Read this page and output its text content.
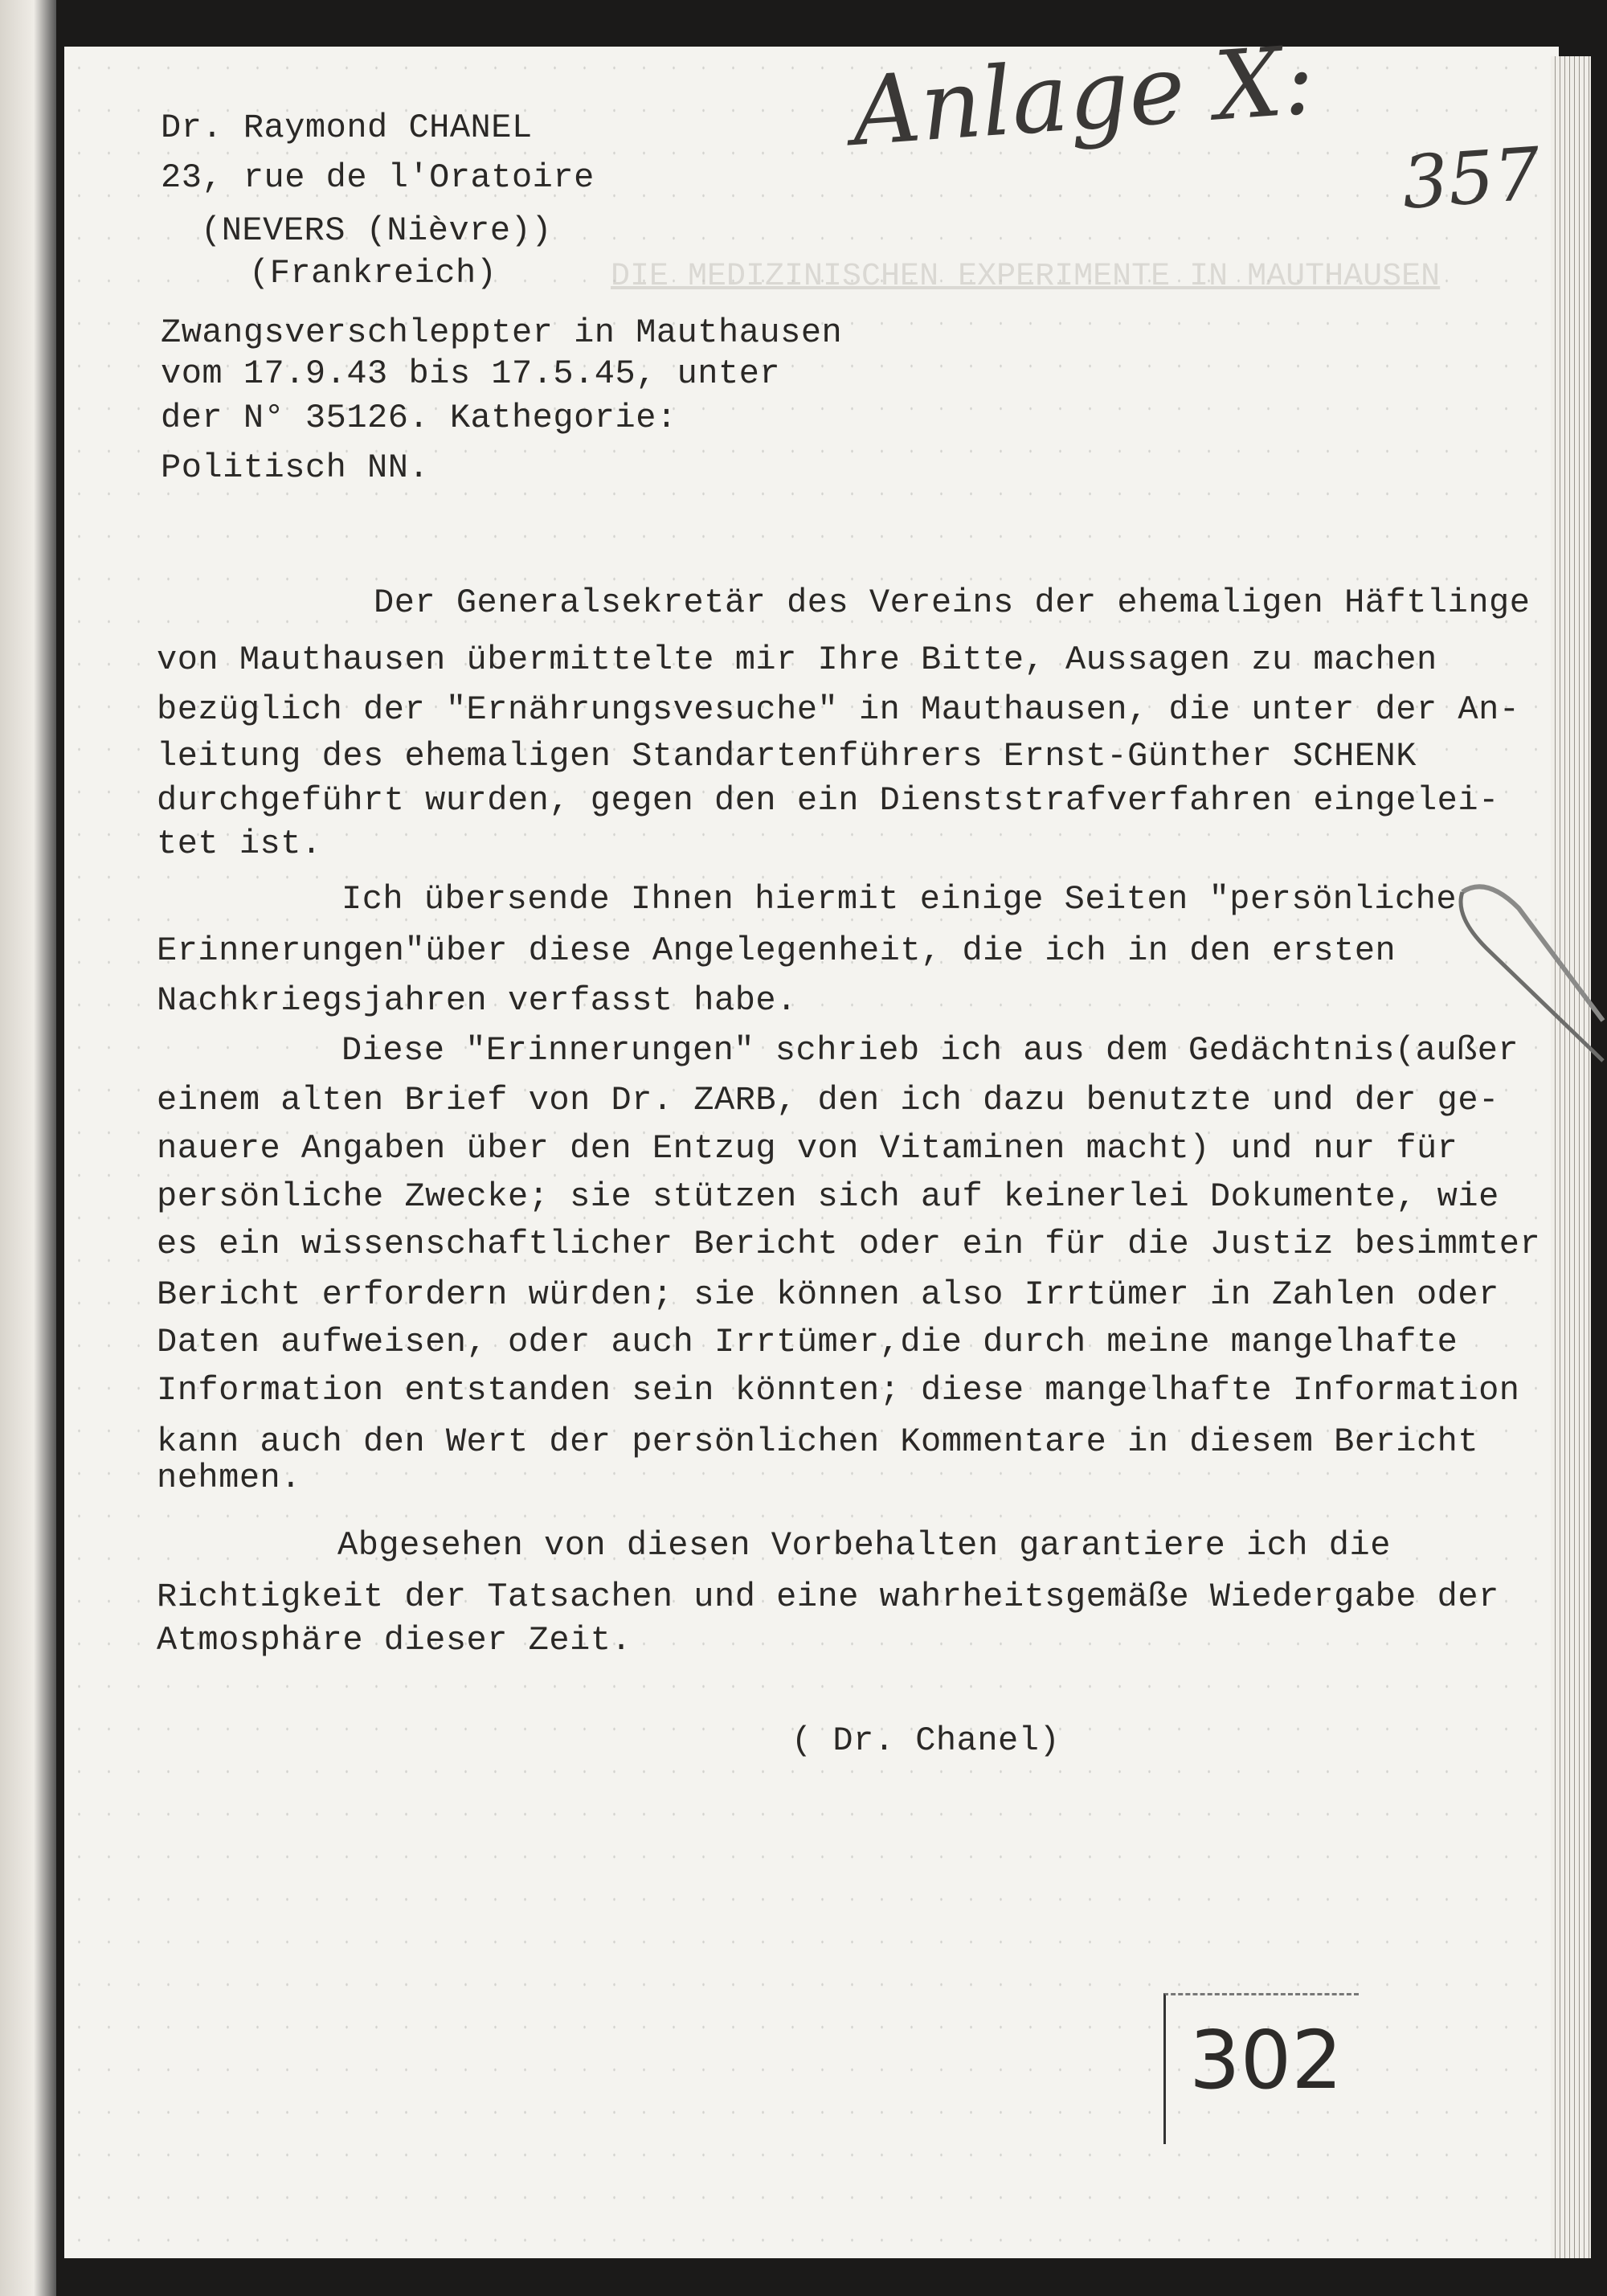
DIE MEDIZINISCHEN EXPERIMENTE IN MAUTHAUSEN
Anlage X:
357
Dr. Raymond CHANEL
23, rue de l'Oratoire
(NEVERS (Nièvre))
(Frankreich)
Zwangsverschleppter in Mauthausen
vom 17.9.43 bis 17.5.45, unter
der N° 35126. Kathegorie:
Politisch NN.
Der Generalsekretär des Vereins der ehemaligen Häftlinge
von Mauthausen übermittelte mir Ihre Bitte, Aussagen zu machen
bezüglich der "Ernährungsvesuche" in Mauthausen, die unter der An-
leitung des ehemaligen Standartenführers Ernst-Günther SCHENK
durchgeführt wurden, gegen den ein Dienststrafverfahren eingelei-
tet ist.
Ich übersende Ihnen hiermit einige Seiten "persönliche
Erinnerungen"über diese Angelegenheit, die ich in den ersten
Nachkriegsjahren verfasst habe.
Diese "Erinnerungen" schrieb ich aus dem Gedächtnis(außer
einem alten Brief von Dr. ZARB, den ich dazu benutzte und der ge-
nauere Angaben über den Entzug von Vitaminen macht) und nur für
persönliche Zwecke; sie stützen sich auf keinerlei Dokumente, wie
es ein wissenschaftlicher Bericht oder ein für die Justiz besimmter
Bericht erfordern würden; sie können also Irrtümer in Zahlen oder
Daten aufweisen, oder auch Irrtümer,die durch meine mangelhafte
Information entstanden sein könnten; diese mangelhafte Information
kann auch den Wert der persönlichen Kommentare in diesem Bericht
nehmen.
Abgesehen von diesen Vorbehalten garantiere ich die
Richtigkeit der Tatsachen und eine wahrheitsgemäße Wiedergabe der
Atmosphäre dieser Zeit.
( Dr. Chanel)
302
